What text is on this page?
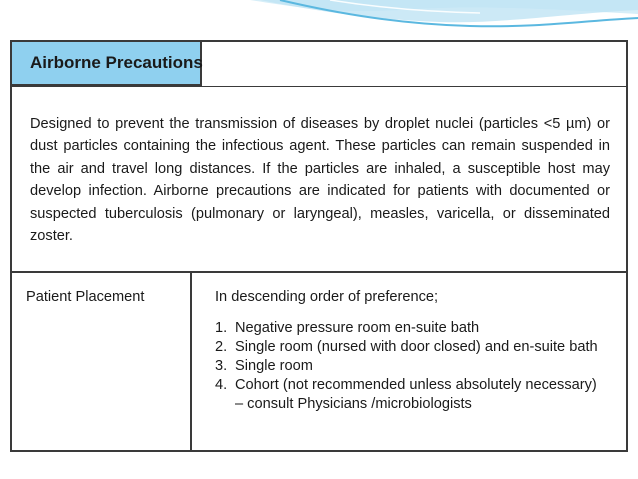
Airborne Precautions

Designed to prevent the transmission of diseases by droplet nuclei (particles <5 µm) or dust particles containing the infectious agent. These particles can remain suspended in the air and travel long distances. If the particles are inhaled, a susceptible host may develop infection. Airborne precautions are indicated for patients with documented or suspected tuberculosis (pulmonary or laryngeal), measles, varicella, or disseminated zoster.

Patient Placement	In descending order of preference;
1. Negative pressure room en-suite bath
2. Single room (nursed with door closed) and en-suite bath
3. Single room
4. Cohort (not recommended unless absolutely necessary)
– consult Physicians /microbiologists
